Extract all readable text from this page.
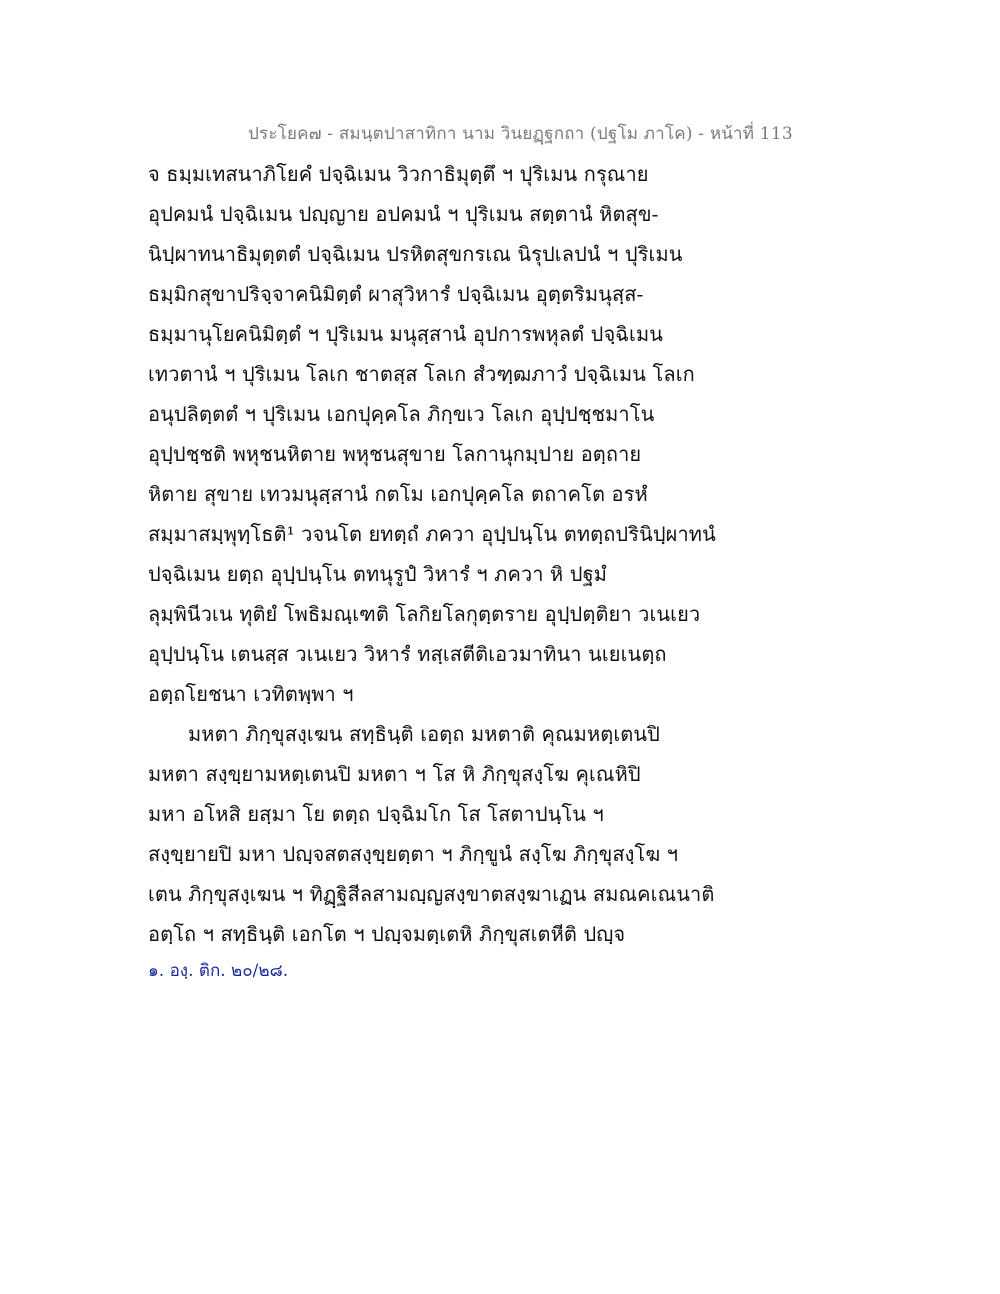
ประโยค๗ - สมนฺตปาสาทิกา นาม วินยฏฺฐกถา (ปฐโม ภาโค) - หน้าที่ 113
จ ธมฺมเทสนาภิโยคํ ปจฺฉิเมน วิวกาธิมุตฺตึ ฯ ปุริเมน กรุณาย
อุปคมนํ ปจฺฉิเมน ปญฺญาย อปคมนํ ฯ ปุริเมน สตฺตานํ หิตสุข-
นิปฺผาทนาธิมุตฺตตํ ปจฺฉิเมน ปรหิตสุขกรเณ นิรุปเลปนํ ฯ ปุริเมน
ธมฺมิกสุขาปริจฺจาคนิมิตฺตํ ผาสุวิหารํ ปจฺฉิเมน อุตฺตริมนุสฺส-
ธมฺมานุโยคนิมิตฺตํ ฯ ปุริเมน มนุสฺสานํ อุปการพหุลตํ ปจฺฉิเมน
เทวตานํ ฯ ปุริเมน โลเก ชาตสฺส โลเก สํวฑฺฒภาวํ ปจฺฉิเมน โลเก
อนุปลิตฺตตํ ฯ ปุริเมน เอกปุคฺคโล ภิกฺขเว โลเก อุปฺปชฺชมาโน
อุปฺปชฺชติ พหุชนหิตาย พหุชนสุขาย โลกานุกมฺปาย อตฺถาย
หิตาย สุขาย เทวมนุสฺสานํ กตโม เอกปุคฺคโล ตถาคโต อรหํ
สมฺมาสมฺพุทฺโธติ¹ วจนโต ยทตฺถํ ภควา อุปฺปนฺโน ตทตฺถปรินิปฺผาทนํ
ปจฺฉิเมน ยตฺถ อุปฺปนฺโน ตทนุรูปํ วิหารํ ฯ ภควา หิ ปฐมํ
ลุมฺพินีวเน ทุติยํ โพธิมณฺเฑติ โลกิยโลกุตฺตราย อุปฺปตฺติยา วเนเยว
อุปฺปนฺโน เตนสฺส วเนเยว วิหารํ ทสฺเสตีติเอวมาทินา นเยเนตฺถ
อตฺถโยชนา เวทิตพฺพา ฯ
มหตา ภิกฺขุสงฺเฆน สทฺธินฺติ เอตฺถ มหตาติ คุณมหตฺเตนปิ
มหตา สงฺขฺยามหตฺเตนปิ มหตา ฯ โส หิ ภิกฺขุสงฺโฆ คุเณหิปิ
มหา อโหสิ ยสฺมา โย ตตฺถ ปจฺฉิมโก โส โสตาปนฺโน ฯ
สงฺขฺยายปิ มหา ปญฺจสตสงฺขฺยตฺตา ฯ ภิกฺขูนํ สงฺโฆ ภิกฺขุสงฺโฆ ฯ
เตน ภิกฺขุสงฺเฆน ฯ ทิฏฺฐิสีลสามญฺญสงฺขาตสงฺฆาเฏน สมณคเณนาติ
อตฺโถ ฯ สทฺธินฺติ เอกโต ฯ ปญฺจมตฺเตหิ ภิกฺขุสเตหีติ ปญฺจ
๑. องฺ. ติก. ๒๐/๒๘.
